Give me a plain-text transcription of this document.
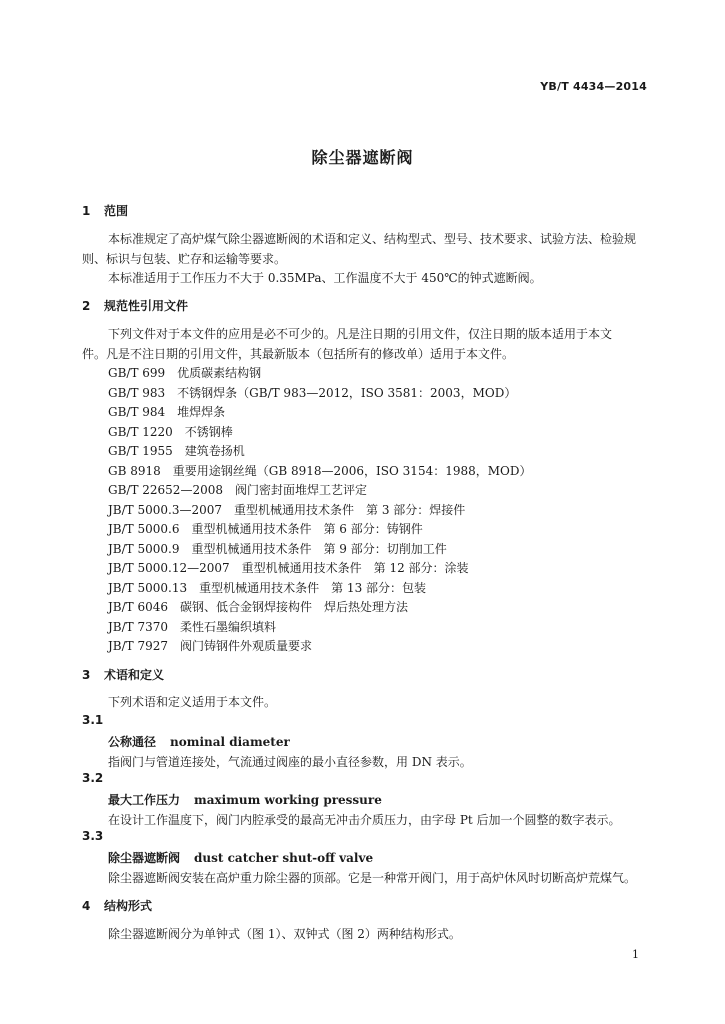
YB/T 4434—2014
除尘器遮断阀
1 范围
本标准规定了高炉煤气除尘器遮断阀的术语和定义、结构型式、型号、技术要求、试验方法、检验规
则、标识与包装、贮存和运输等要求。
本标准适用于工作压力不大于 0.35MPa、工作温度不大于 450℃的钟式遮断阀。
2 规范性引用文件
下列文件对于本文件的应用是必不可少的。凡是注日期的引用文件，仅注日期的版本适用于本文
件。凡是不注日期的引用文件，其最新版本（包括所有的修改单）适用于本文件。
GB/T 699　优质碳素结构钢
GB/T 983　不锈钢焊条（GB/T 983—2012，ISO 3581：2003，MOD）
GB/T 984　堆焊焊条
GB/T 1220　不锈钢棒
GB/T 1955　建筑卷扬机
GB 8918　重要用途钢丝绳（GB 8918—2006，ISO 3154：1988，MOD）
GB/T 22652—2008　阀门密封面堆焊工艺评定
JB/T 5000.3—2007　重型机械通用技术条件　第 3 部分：焊接件
JB/T 5000.6　重型机械通用技术条件　第 6 部分：铸钢件
JB/T 5000.9　重型机械通用技术条件　第 9 部分：切削加工件
JB/T 5000.12—2007　重型机械通用技术条件　第 12 部分：涂装
JB/T 5000.13　重型机械通用技术条件　第 13 部分：包装
JB/T 6046　碳钢、低合金钢焊接构件　焊后热处理方法
JB/T 7370　柔性石墨编织填料
JB/T 7927　阀门铸钢件外观质量要求
3 术语和定义
下列术语和定义适用于本文件。
3.1
公称通径 nominal diameter
指阀门与管道连接处，气流通过阀座的最小直径参数，用 DN 表示。
3.2
最大工作压力 maximum working pressure
在设计工作温度下，阀门内腔承受的最高无冲击介质压力，由字母 Pt 后加一个圆整的数字表示。
3.3
除尘器遮断阀 dust catcher shut-off valve
除尘器遮断阀安装在高炉重力除尘器的顶部。它是一种常开阀门，用于高炉休风时切断高炉荒煤气。
4 结构形式
除尘器遮断阀分为单钟式（图 1）、双钟式（图 2）两种结构形式。
1
